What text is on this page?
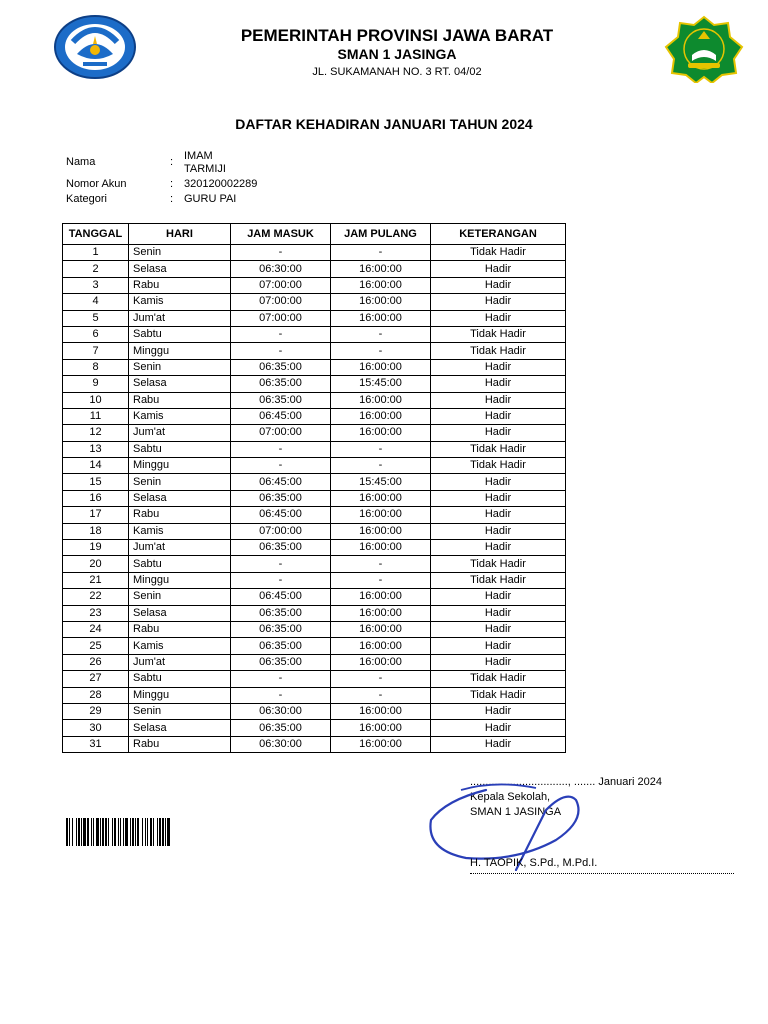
PEMERINTAH PROVINSI JAWA BARAT
SMAN 1 JASINGA
JL. SUKAMANAH NO. 3 RT. 04/02
DAFTAR KEHADIRAN JANUARI TAHUN 2024
Nama	: IMAM
TARMIJI
Nomor Akun	: 320120002289
Kategori	: GURU PAI
TANGGAL	HARI	JAM MASUK	JAM PULANG	KETERANGAN
1	Senin	-	-	Tidak Hadir
2	Selasa	06:30:00	16:00:00	Hadir
3	Rabu	07:00:00	16:00:00	Hadir
4	Kamis	07:00:00	16:00:00	Hadir
5	Jum'at	07:00:00	16:00:00	Hadir
6	Sabtu	-	-	Tidak Hadir
7	Minggu	-	-	Tidak Hadir
8	Senin	06:35:00	16:00:00	Hadir
9	Selasa	06:35:00	15:45:00	Hadir
10	Rabu	06:35:00	16:00:00	Hadir
11	Kamis	06:45:00	16:00:00	Hadir
12	Jum'at	07:00:00	16:00:00	Hadir
13	Sabtu	-	-	Tidak Hadir
14	Minggu	-	-	Tidak Hadir
15	Senin	06:45:00	15:45:00	Hadir
16	Selasa	06:35:00	16:00:00	Hadir
17	Rabu	06:45:00	16:00:00	Hadir
18	Kamis	07:00:00	16:00:00	Hadir
19	Jum'at	06:35:00	16:00:00	Hadir
20	Sabtu	-	-	Tidak Hadir
21	Minggu	-	-	Tidak Hadir
22	Senin	06:45:00	16:00:00	Hadir
23	Selasa	06:35:00	16:00:00	Hadir
24	Rabu	06:35:00	16:00:00	Hadir
25	Kamis	06:35:00	16:00:00	Hadir
26	Jum'at	06:35:00	16:00:00	Hadir
27	Sabtu	-	-	Tidak Hadir
28	Minggu	-	-	Tidak Hadir
29	Senin	06:30:00	16:00:00	Hadir
30	Selasa	06:35:00	16:00:00	Hadir
31	Rabu	06:30:00	16:00:00	Hadir
................................, ....... Januari 2024
Kepala Sekolah,
SMAN 1 JASINGA
H. TAOPIK, S.Pd., M.Pd.I.
